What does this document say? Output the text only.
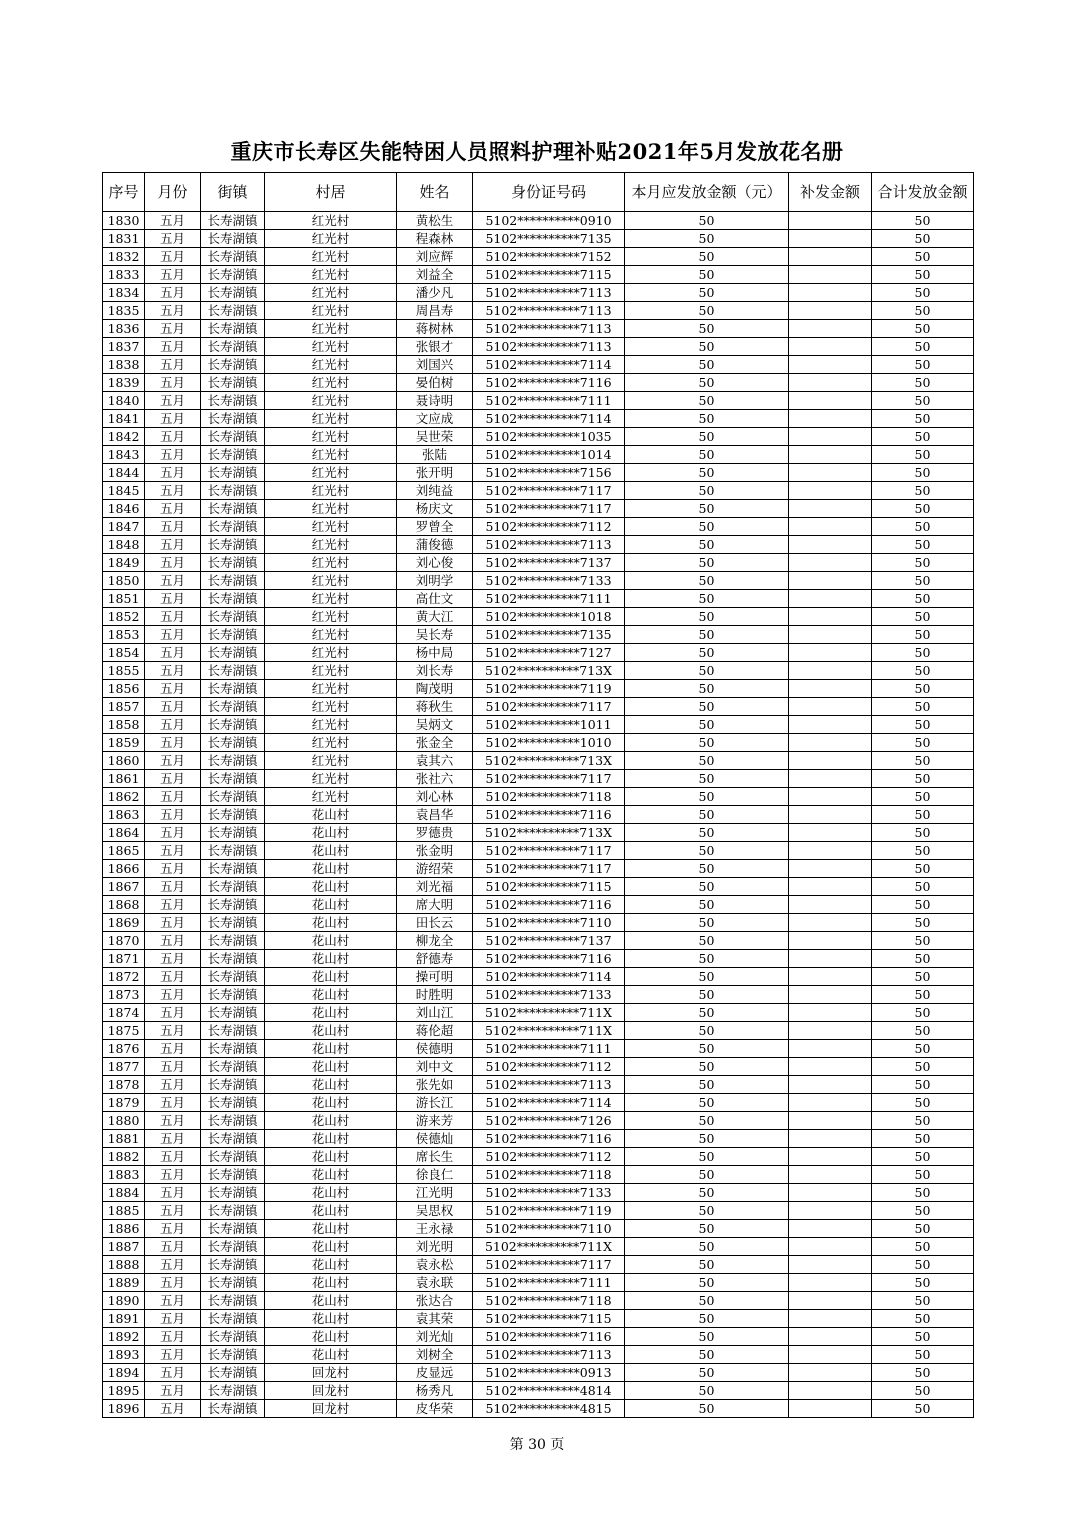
重庆市长寿区失能特困人员照料护理补贴2021年5月发放花名册
序号	月份	街镇	村居	姓名	身份证号码	本月应发放金额（元）	补发金额	合计发放金额
1830	五月	长寿湖镇	红光村	黄松生	5102**********0910	50		50
1831	五月	长寿湖镇	红光村	程森林	5102**********7135	50		50
1832	五月	长寿湖镇	红光村	刘应辉	5102**********7152	50		50
1833	五月	长寿湖镇	红光村	刘益全	5102**********7115	50		50
1834	五月	长寿湖镇	红光村	潘少凡	5102**********7113	50		50
1835	五月	长寿湖镇	红光村	周昌寿	5102**********7113	50		50
1836	五月	长寿湖镇	红光村	蒋树林	5102**********7113	50		50
1837	五月	长寿湖镇	红光村	张银才	5102**********7113	50		50
1838	五月	长寿湖镇	红光村	刘国兴	5102**********7114	50		50
1839	五月	长寿湖镇	红光村	晏伯树	5102**********7116	50		50
1840	五月	长寿湖镇	红光村	聂诗明	5102**********7111	50		50
1841	五月	长寿湖镇	红光村	文应成	5102**********7114	50		50
1842	五月	长寿湖镇	红光村	吴世荣	5102**********1035	50		50
1843	五月	长寿湖镇	红光村	张陆	5102**********1014	50		50
1844	五月	长寿湖镇	红光村	张开明	5102**********7156	50		50
1845	五月	长寿湖镇	红光村	刘纯益	5102**********7117	50		50
1846	五月	长寿湖镇	红光村	杨庆文	5102**********7117	50		50
1847	五月	长寿湖镇	红光村	罗曾全	5102**********7112	50		50
1848	五月	长寿湖镇	红光村	蒲俊德	5102**********7113	50		50
1849	五月	长寿湖镇	红光村	刘心俊	5102**********7137	50		50
1850	五月	长寿湖镇	红光村	刘明学	5102**********7133	50		50
1851	五月	长寿湖镇	红光村	高仕文	5102**********7111	50		50
1852	五月	长寿湖镇	红光村	黄大江	5102**********1018	50		50
1853	五月	长寿湖镇	红光村	吴长寿	5102**********7135	50		50
1854	五月	长寿湖镇	红光村	杨中局	5102**********7127	50		50
1855	五月	长寿湖镇	红光村	刘长寿	5102**********713X	50		50
1856	五月	长寿湖镇	红光村	陶茂明	5102**********7119	50		50
1857	五月	长寿湖镇	红光村	蒋秋生	5102**********7117	50		50
1858	五月	长寿湖镇	红光村	吴炳文	5102**********1011	50		50
1859	五月	长寿湖镇	红光村	张金全	5102**********1010	50		50
1860	五月	长寿湖镇	红光村	袁其六	5102**********713X	50		50
1861	五月	长寿湖镇	红光村	张社六	5102**********7117	50		50
1862	五月	长寿湖镇	红光村	刘心林	5102**********7118	50		50
1863	五月	长寿湖镇	花山村	袁昌华	5102**********7116	50		50
1864	五月	长寿湖镇	花山村	罗德贵	5102**********713X	50		50
1865	五月	长寿湖镇	花山村	张金明	5102**********7117	50		50
1866	五月	长寿湖镇	花山村	游绍荣	5102**********7117	50		50
1867	五月	长寿湖镇	花山村	刘光福	5102**********7115	50		50
1868	五月	长寿湖镇	花山村	席大明	5102**********7116	50		50
1869	五月	长寿湖镇	花山村	田长云	5102**********7110	50		50
1870	五月	长寿湖镇	花山村	柳龙全	5102**********7137	50		50
1871	五月	长寿湖镇	花山村	舒德寿	5102**********7116	50		50
1872	五月	长寿湖镇	花山村	操可明	5102**********7114	50		50
1873	五月	长寿湖镇	花山村	时胜明	5102**********7133	50		50
1874	五月	长寿湖镇	花山村	刘山江	5102**********711X	50		50
1875	五月	长寿湖镇	花山村	蒋伦超	5102**********711X	50		50
1876	五月	长寿湖镇	花山村	侯德明	5102**********7111	50		50
1877	五月	长寿湖镇	花山村	刘中文	5102**********7112	50		50
1878	五月	长寿湖镇	花山村	张先如	5102**********7113	50		50
1879	五月	长寿湖镇	花山村	游长江	5102**********7114	50		50
1880	五月	长寿湖镇	花山村	游来芳	5102**********7126	50		50
1881	五月	长寿湖镇	花山村	侯德灿	5102**********7116	50		50
1882	五月	长寿湖镇	花山村	席长生	5102**********7112	50		50
1883	五月	长寿湖镇	花山村	徐良仁	5102**********7118	50		50
1884	五月	长寿湖镇	花山村	江光明	5102**********7133	50		50
1885	五月	长寿湖镇	花山村	吴思权	5102**********7119	50		50
1886	五月	长寿湖镇	花山村	王永禄	5102**********7110	50		50
1887	五月	长寿湖镇	花山村	刘光明	5102**********711X	50		50
1888	五月	长寿湖镇	花山村	袁永松	5102**********7117	50		50
1889	五月	长寿湖镇	花山村	袁永联	5102**********7111	50		50
1890	五月	长寿湖镇	花山村	张达合	5102**********7118	50		50
1891	五月	长寿湖镇	花山村	袁其荣	5102**********7115	50		50
1892	五月	长寿湖镇	花山村	刘光灿	5102**********7116	50		50
1893	五月	长寿湖镇	花山村	刘树全	5102**********7113	50		50
1894	五月	长寿湖镇	回龙村	皮显远	5102**********0913	50		50
1895	五月	长寿湖镇	回龙村	杨秀凡	5102**********4814	50		50
1896	五月	长寿湖镇	回龙村	皮华荣	5102**********4815	50		50
第 30 页
